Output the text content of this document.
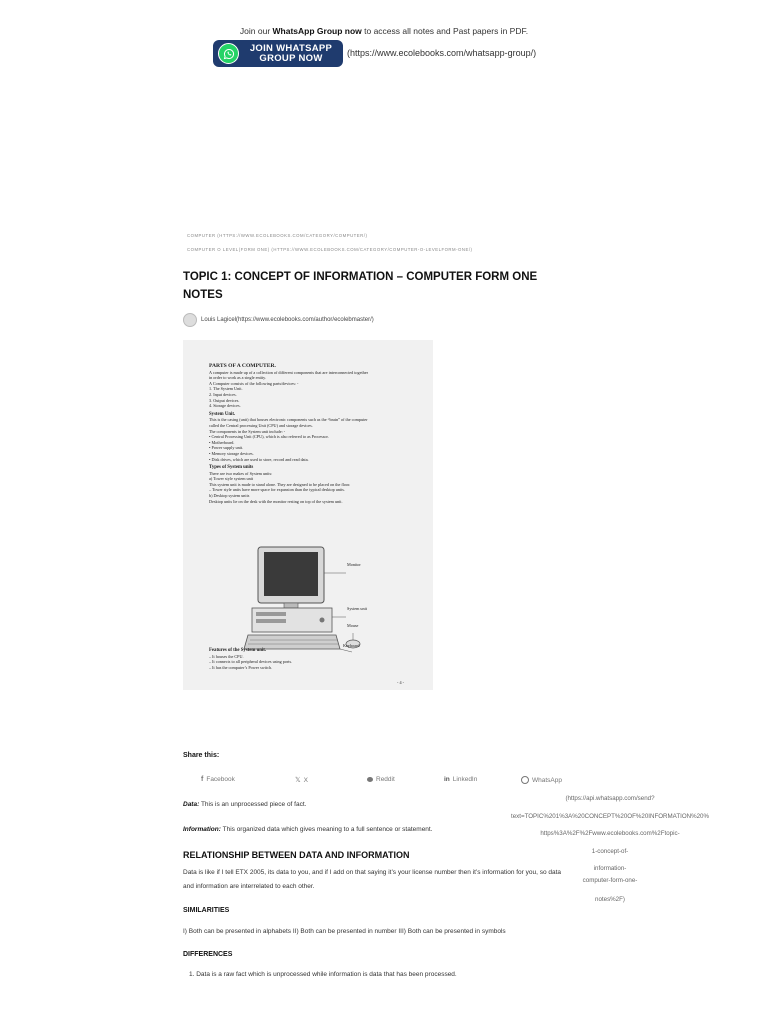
Join our WhatsApp Group now to access all notes and Past papers in PDF.
JOIN WHATSAPP
GROUP NOW	(https://www.ecolebooks.com/whatsapp-group/)
COMPUTER (HTTPS://WWW.ECOLEBOOKS.COM/CATEGORY/COMPUTER/)
COMPUTER O LEVEL(FORM ONE) (HTTPS://WWW.ECOLEBOOKS.COM/CATEGORY/COMPUTER-O-LEVELFORM-ONE/)
TOPIC 1: CONCEPT OF INFORMATION – COMPUTER FORM ONE NOTES
Louis Lagicel(https://www.ecolebooks.com/author/ecolebmaster/)

PARTS OF A COMPUTER.

A computer is made up of a collection of different components that are interconnected together

in order to work as a single entity.

A Computer consists of the following parts/devices: -

1. The System Unit.

2. Input devices.

3. Output devices.

4. Storage devices.

System Unit.

This is the casing (unit) that houses electronic components such as the “brain” of the computer

called the Central processing Unit (CPU) and storage devices.

The components in the System unit include: -

• Central Processing Unit (CPU), which is also referred to as Processor.

• Motherboard.

• Power supply unit.

• Memory storage devices.

• Disk drives, which are used to store, record and read data.

Types of System units

There are two makes of System units:

a) Tower style system unit

This system unit is made to stand alone. They are designed to be placed on the floor.

– Tower style units have more space for expansion than the typical desktop units.

b) Desktop system units

Desktop units lie on the desk with the monitor resting on top of the system unit.

Monitor
System unit
Mouse
Keyboard

Features of the System unit.

– It houses the CPU.

– It connects to all peripheral devices using ports.

– It has the computer’s Power switch.

- 4 -
Share this:
f Facebook	𝕏 X	Reddit	in LinkedIn	WhatsApp
(https://api.whatsapp.com/send?
text=TOPIC%201%3A%20CONCEPT%20OF%20INFORMATION%20%
https%3A%2F%2Fwww.ecolebooks.com%2Ftopic-
1-concept-of-
information-
computer-form-one-
notes%2F)
Data: This is an unprocessed piece of fact.
Information: This organized data which gives meaning to a full sentence or statement.
RELATIONSHIP BETWEEN DATA AND INFORMATION
Data is like if I tell ETX 2005, its data to you, and if I add on that saying it’s your license number then it’s information for you, so data
and information are interrelated to each other.
SIMILARITIES
I) Both can be presented in alphabets II) Both can be presented in number III) Both can be presented in symbols
DIFFERENCES
1. Data is a raw fact which is unprocessed while information is data that has been processed.
